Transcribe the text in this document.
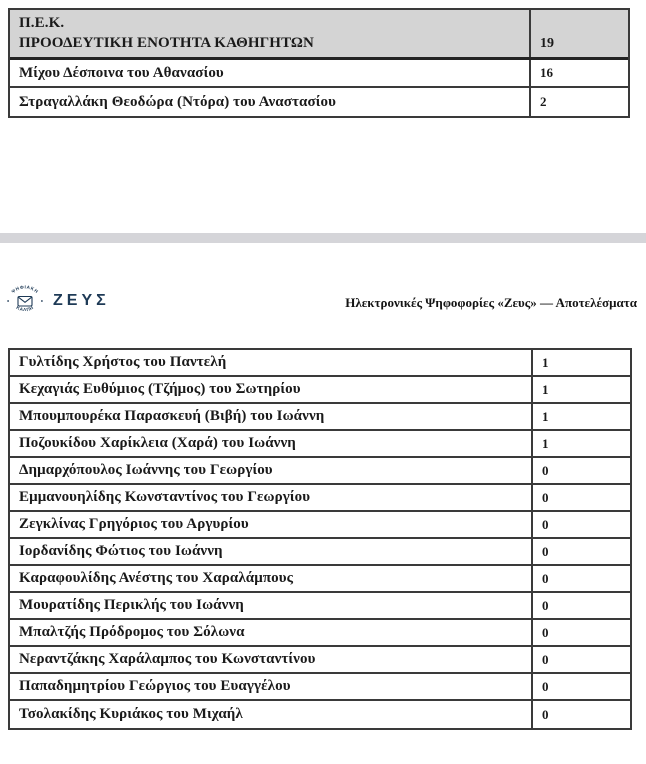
Π.Ε.Κ.
ΠΡΟΟΔΕΥΤΙΚΗ ΕΝΟΤΗΤΑ ΚΑΘΗΓΗΤΩΝ	19
Μίχου Δέσποινα του Αθανασίου	16
Στραγαλλάκη Θεοδώρα (Ντόρα) του Αναστασίου	2
ΨΗΦΙΑΚΗ
ΚΑΛΠΗ ΖΕΥΣ	Ηλεκτρονικές Ψηφοφορίες «Ζευς» — Αποτελέσματα
Γυλτίδης Χρήστος του Παντελή	1
Κεχαγιάς Ευθύμιος (Τζήμος) του Σωτηρίου	1
Μπουμπουρέκα Παρασκευή (Βιβή) του Ιωάννη	1
Ποζουκίδου Χαρίκλεια (Χαρά) του Ιωάννη	1
Δημαρχόπουλος Ιωάννης του Γεωργίου	0
Εμμανουηλίδης Κωνσταντίνος του Γεωργίου	0
Ζεγκλίνας Γρηγόριος του Αργυρίου	0
Ιορδανίδης Φώτιος του Ιωάννη	0
Καραφουλίδης Ανέστης του Χαραλάμπους	0
Μουρατίδης Περικλής του Ιωάννη	0
Μπαλτζής Πρόδρομος του Σόλωνα	0
Νεραντζάκης Χαράλαμπος του Κωνσταντίνου	0
Παπαδημητρίου Γεώργιος του Ευαγγέλου	0
Τσολακίδης Κυριάκος του Μιχαήλ	0
